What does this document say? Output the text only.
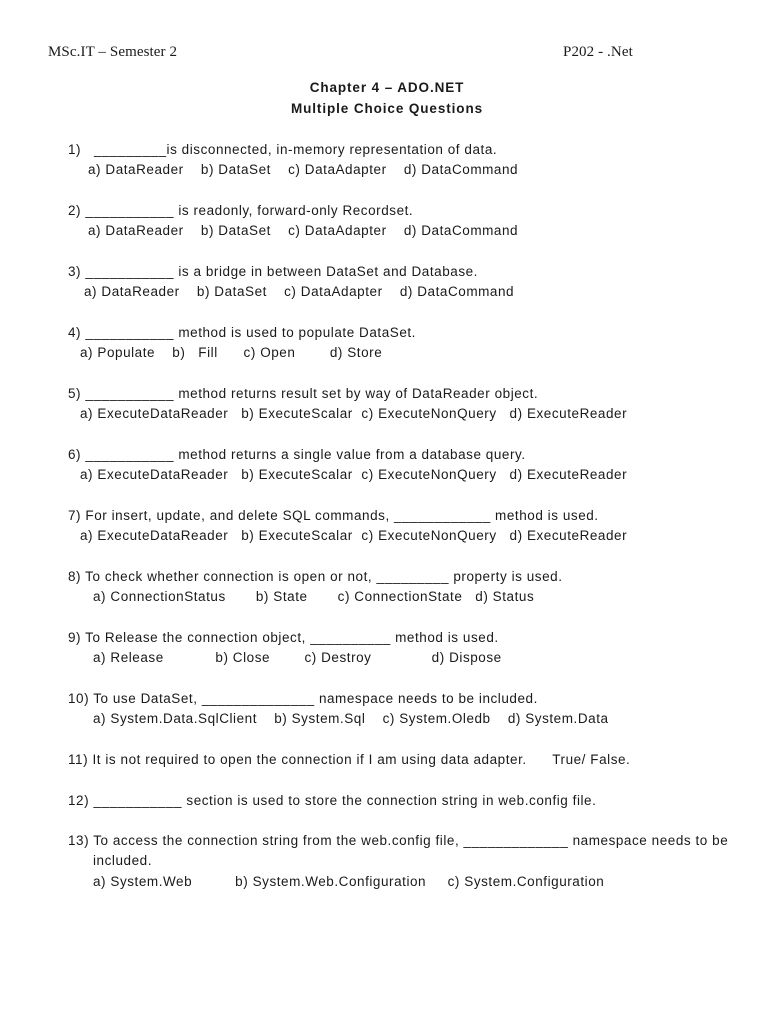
MSc.IT – Semester 2	P202 - .Net
Chapter 4 – ADO.NET
Multiple Choice Questions
1)   _________is disconnected, in-memory representation of data.
a) DataReader    b) DataSet    c) DataAdapter    d) DataCommand
2) ___________ is readonly, forward-only Recordset.
a) DataReader    b) DataSet    c) DataAdapter    d) DataCommand
3) ___________ is a bridge in between DataSet and Database.
a) DataReader    b) DataSet    c) DataAdapter    d) DataCommand
4) ___________ method is used to populate DataSet.
a) Populate    b)   Fill      c) Open        d) Store
5) ___________ method returns result set by way of DataReader object.
a) ExecuteDataReader   b) ExecuteScalar  c) ExecuteNonQuery   d) ExecuteReader
6) ___________ method returns a single value from a database query.
a) ExecuteDataReader   b) ExecuteScalar  c) ExecuteNonQuery   d) ExecuteReader
7) For insert, update, and delete SQL commands, ____________ method is used.
a) ExecuteDataReader   b) ExecuteScalar  c) ExecuteNonQuery   d) ExecuteReader
8) To check whether connection is open or not, _________ property is used.
a) ConnectionStatus       b) State       c) ConnectionState   d) Status
9) To Release the connection object, __________ method is used.
a) Release            b) Close        c) Destroy              d) Dispose
10) To use DataSet, ______________ namespace needs to be included.
a) System.Data.SqlClient    b) System.Sql    c) System.Oledb    d) System.Data
11) It is not required to open the connection if I am using data adapter.      True/ False.
12) ___________ section is used to store the connection string in web.config file.
13) To access the connection string from the web.config file, _____________ namespace needs to be
included.
a) System.Web          b) System.Web.Configuration     c) System.Configuration
